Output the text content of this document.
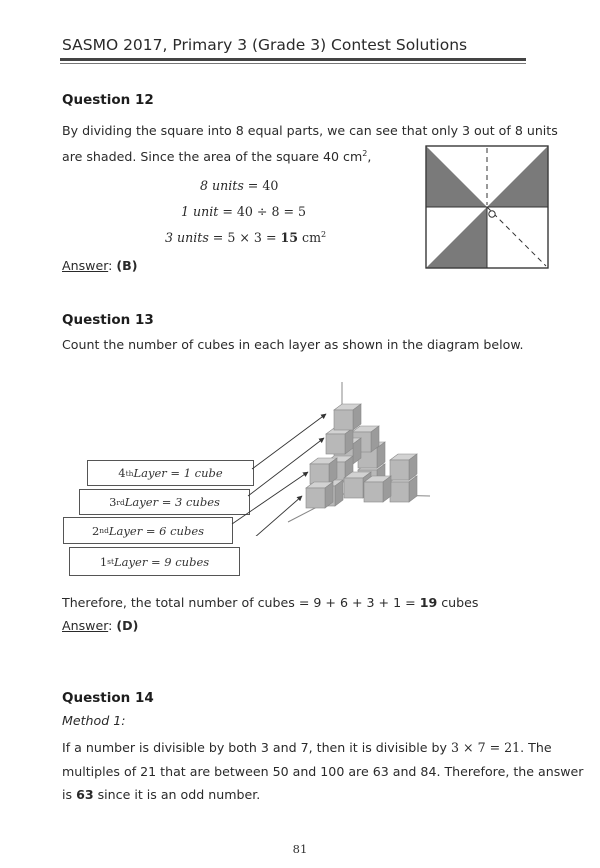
SASMO 2017, Primary 3 (Grade 3) Contest Solutions
Question 12
By dividing the square into 8 equal parts, we can see that only 3 out of 8 units
are shaded. Since the area of the square 40 $cm^2$,
8 units = 40
1 unit = 40 ÷ 8 = 5
3 units = 5 × 3 = 15 $cm^2$
Answer: (B)
Question 13
Count the number of cubes in each layer as shown in the diagram below.
4 th Layer = 1 cube
3 rd Layer = 3 cubes
2 nd Layer = 6 cubes
1 st Layer = 9 cubes
Therefore, the total number of cubes = 9 + 6 + 3 + 1 = 19 cubes
Answer: (D)
Question 14
Method 1:
If a number is divisible by both 3 and 7, then it is divisible by 3 × 7 = 21. The
multiples of 21 that are between 50 and 100 are 63 and 84. Therefore, the answer
is 63 since it is an odd number.
81
